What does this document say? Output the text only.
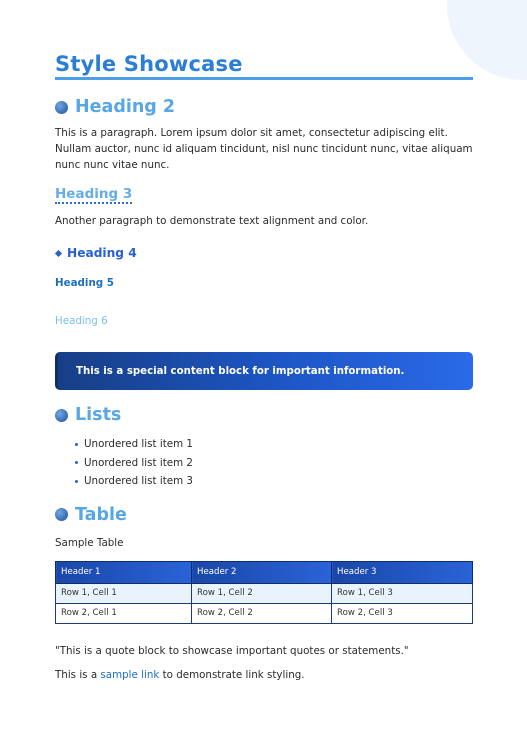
Style Showcase
Heading 2

This is a paragraph. Lorem ipsum dolor sit amet, consectetur adipiscing elit. Nullam auctor, nunc id aliquam tincidunt, nisl nunc tincidunt nunc, vitae aliquam nunc nunc vitae nunc.

Heading 3

Another paragraph to demonstrate text alignment and color.

Heading 4
Heading 5
Heading 6
This is a special content block for important information.
Lists
Unordered list item 1
Unordered list item 2
Unordered list item 3
Table
Sample Table
Header 1	Header 2	Header 3
Row 1, Cell 1	Row 1, Cell 2	Row 1, Cell 3
Row 2, Cell 1	Row 2, Cell 2	Row 2, Cell 3
"This is a quote block to showcase important quotes or statements."
This is a sample link to demonstrate link styling.
